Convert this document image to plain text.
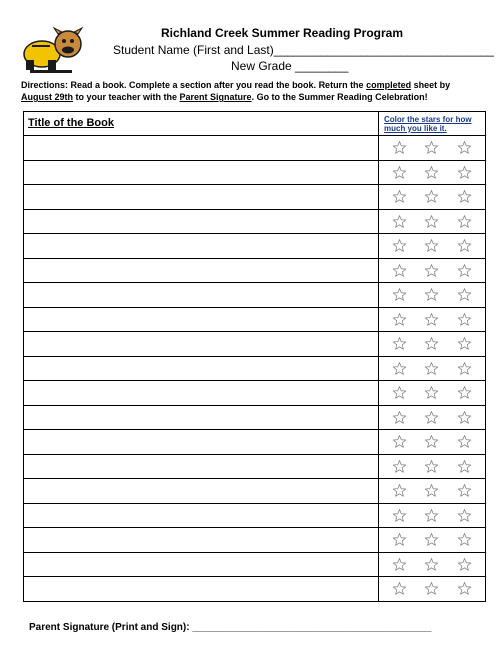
Richland Creek Summer Reading Program
Student Name (First and Last)_________________________________
New Grade ________
Directions: Read a book. Complete a section after you read the book. Return the completed sheet by August 29th to your teacher with the Parent Signature. Go to the Summer Reading Celebration!
Title of the Book	Color the stars for how much you like it.

Parent Signature (Print and Sign): ___________________________________________
